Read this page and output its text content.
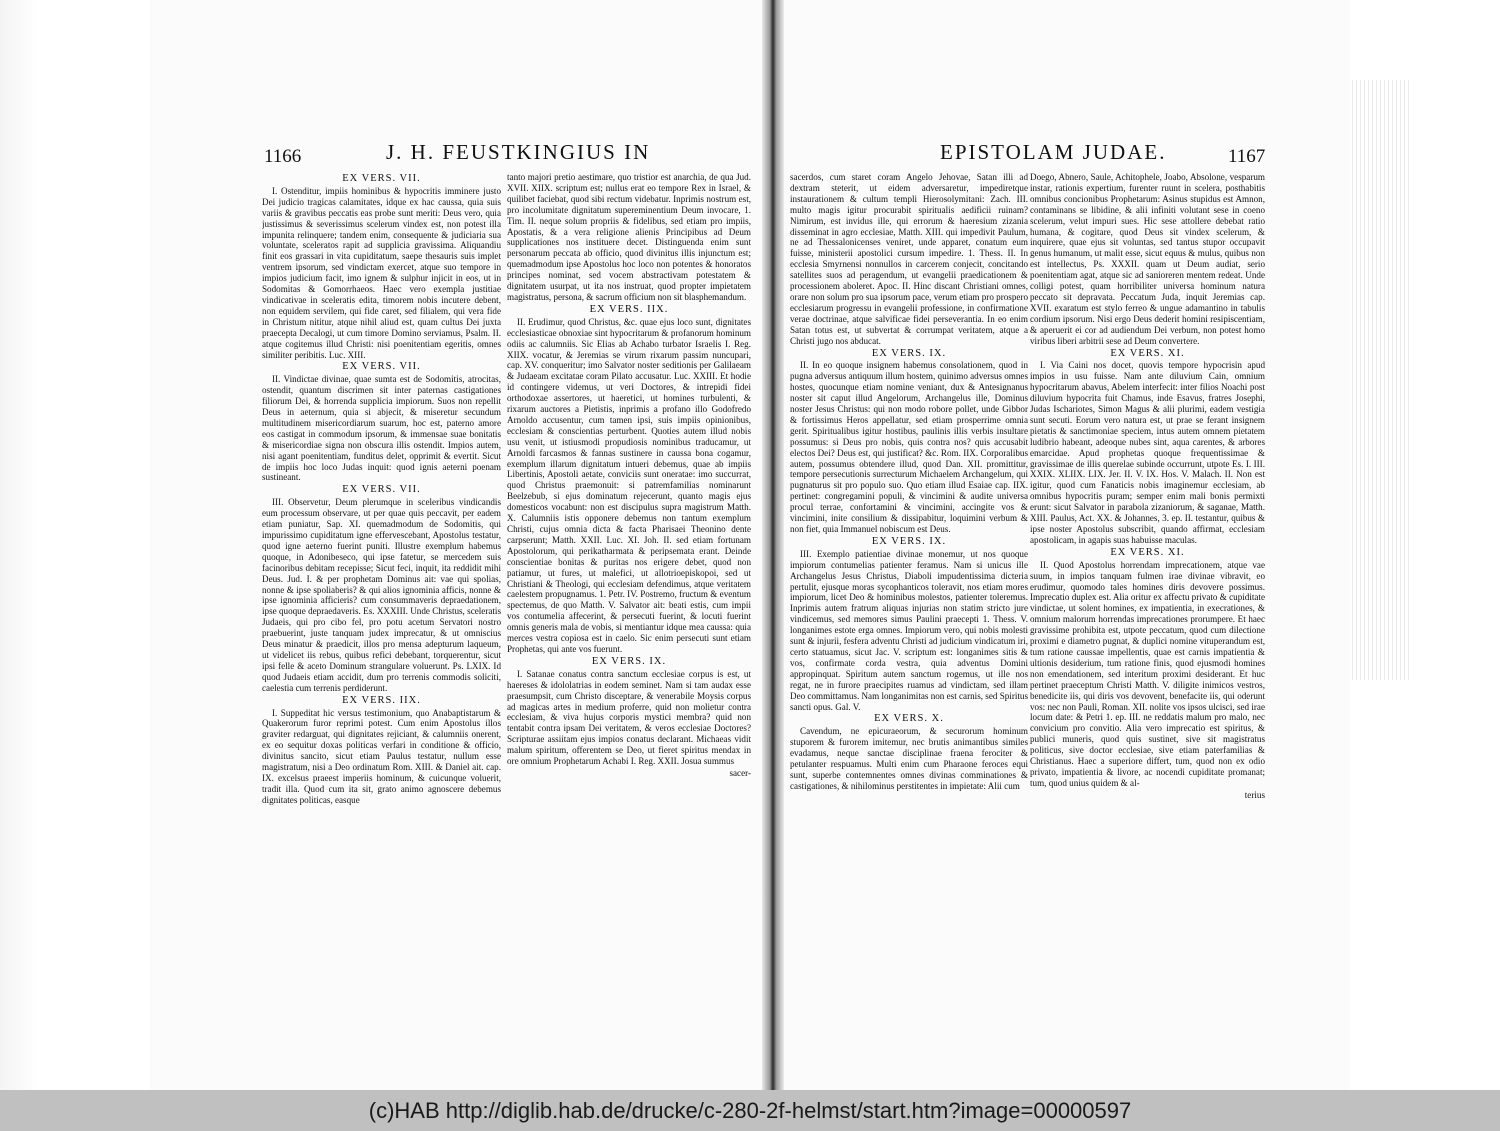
1166	J. H. FEUSTKINGIUS IN	EPISTOLAM JUDAE.	1167
EX VERS. VII.

I. Ostenditur, impiis hominibus & hypocritis imminere justo Dei judicio tragicas calamitates, idque ex hac caussa, quia suis variis & gravibus peccatis eas probe sunt meriti: Deus vero, quia justissimus & severissimus scelerum vindex est, non potest illa impunita relinquere; tandem enim, consequente & judiciaria sua voluntate, sceleratos rapit ad supplicia gravissima. Aliquandiu finit eos grassari in vita cupiditatum, saepe thesauris suis implet ventrem ipsorum, sed vindictam exercet, atque suo tempore in impios judicium facit, imo ignem & sulphur injicit in eos, ut in Sodomitas & Gomorrhaeos. Haec vero exempla justitiae vindicativae in sceleratis edita, timorem nobis incutere debent, non equidem servilem, qui fide caret, sed filialem, qui vera fide in Christum nititur, atque nihil aliud est, quam cultus Dei juxta praecepta Decalogi, ut cum timore Domino serviamus, Psalm. II. atque cogitemus illud Christi: nisi poenitentiam egeritis, omnes similiter peribitis. Luc. XIII.

EX VERS. VII.

II. Vindictae divinae, quae sumta est de Sodomitis, atrocitas, ostendit, quantum discrimen sit inter paternas castigationes filiorum Dei, & horrenda supplicia impiorum. Suos non repellit Deus in aeternum, quia si abjecit, & miseretur secundum multitudinem misericordiarum suarum, hoc est, paterno amore eos castigat in commodum ipsorum, & immensae suae bonitatis & misericordiae signa non obscura illis ostendit. Impios autem, nisi agant poenitentiam, funditus delet, opprimit & evertit. Sicut de impiis hoc loco Judas inquit: quod ignis aeterni poenam sustineant.

EX VERS. VII.

III. Observetur, Deum plerumque in sceleribus vindicandis eum processum observare, ut per quae quis peccavit, per eadem etiam puniatur, Sap. XI. quemadmodum de Sodomitis, qui impurissimo cupiditatum igne effervescebant, Apostolus testatur, quod igne aeterno fuerint puniti. Illustre exemplum habemus quoque, in Adonibeseco, qui ipse fatetur, se mercedem suis facinoribus debitam recepisse; Sicut feci, inquit, ita reddidit mihi Deus. Jud. I. & per prophetam Dominus ait: vae qui spolias, nonne & ipse spoliaberis? & qui alios ignominia afficis, nonne & ipse ignominia afficieris? cum consummaveris depraedationem, ipse quoque depraedaveris. Es. XXXIII. Unde Christus, sceleratis Judaeis, qui pro cibo fel, pro potu acetum Servatori nostro praebuerint, juste tanquam judex imprecatur, & ut omniscius Deus minatur & praedicit, illos pro mensa adepturum laqueum, ut videlicet iis rebus, quibus refici debebant, torquerentur, sicut ipsi felle & aceto Dominum strangulare voluerunt. Ps. LXIX. Id quod Judaeis etiam accidit, dum pro terrenis commodis soliciti, caelestia cum terrenis perdiderunt.

EX VERS. IIX.

I. Suppeditat hic versus testimonium, quo Anabaptistarum & Quakerorum furor reprimi potest. Cum enim Apostolus illos graviter redarguat, qui dignitates rejiciant, & calumniis onerent, ex eo sequitur doxas politicas verfari in conditione & officio, divinitus sancito, sicut etiam Paulus testatur, nullum esse magistratum, nisi a Deo ordinatum Rom. XIII. & Daniel ait. cap. IX. excelsus praeest imperiis hominum, & cuicunque voluerit, tradit illa. Quod cum ita sit, grato animo agnoscere debemus dignitates politicas, easque

tanto majori pretio aestimare, quo tristior est anarchia, de qua Jud. XVII. XIIX. scriptum est; nullus erat eo tempore Rex in Israel, & quilibet faciebat, quod sibi rectum videbatur. Inprimis nostrum est, pro incolumitate dignitatum supereminentium Deum invocare, 1. Tim. II. neque solum propriis & fidelibus, sed etiam pro impiis, Apostatis, & a vera religione alienis Principibus ad Deum supplicationes nos instituere decet. Distinguenda enim sunt personarum peccata ab officio, quod divinitus illis injunctum est; quemadmodum ipse Apostolus hoc loco non potentes & honoratos principes nominat, sed vocem abstractivam potestatem & dignitatem usurpat, ut ita nos instruat, quod propter impietatem magistratus, persona, & sacrum officium non sit blasphemandum.

EX VERS. IIX.

II. Erudimur, quod Christus, &c. quae ejus loco sunt, dignitates ecclesiasticae obnoxiae sint hypocritarum & profanorum hominum odiis ac calumniis. Sic Elias ab Achabo turbator Israelis I. Reg. XIIX. vocatur, & Jeremias se virum rixarum passim nuncupari, cap. XV. conqueritur; imo Salvator noster seditionis per Galilaeam & Judaeam excitatae coram Pilato accusatur. Luc. XXIII. Et hodie id contingere videmus, ut veri Doctores, & intrepidi fidei orthodoxae assertores, ut haeretici, ut homines turbulenti, & rixarum auctores a Pietistis, inprimis a profano illo Godofredo Arnoldo accusentur, cum tamen ipsi, suis impiis opinionibus, ecclesiam & conscientias perturbent. Quoties autem illud nobis usu venit, ut istiusmodi propudiosis nominibus traducamur, ut Arnoldi farcasmos & fannas sustinere in caussa bona cogamur, exemplum illarum dignitatum intueri debemus, quae ab impiis Libertinis, Apostoli aetate, conviciis sunt oneratae: imo succurrat, quod Christus praemonuit: si patremfamilias nominarunt Beelzebub, si ejus dominatum rejecerunt, quanto magis ejus domesticos vocabunt: non est discipulus supra magistrum Matth. X. Calumniis istis opponere debemus non tantum exemplum Christi, cujus omnia dicta & facta Pharisaei Theonino dente carpserunt; Matth. XXII. Luc. XI. Joh. II. sed etiam fortunam Apostolorum, qui perikatharmata & peripsemata erant. Deinde conscientiae bonitas & puritas nos erigere debet, quod non patiamur, ut fures, ut malefici, ut allotrioepiskopoi, sed ut Christiani & Theologi, qui ecclesiam defendimus, atque veritatem caelestem propugnamus. 1. Petr. IV. Postremo, fructum & eventum spectemus, de quo Matth. V. Salvator ait: beati estis, cum impii vos contumelia affecerint, & persecuti fuerint, & locuti fuerint omnis generis mala de vobis, si mentiantur idque mea caussa: quia merces vestra copiosa est in caelo. Sic enim persecuti sunt etiam Prophetas, qui ante vos fuerunt.

EX VERS. IX.

I. Satanae conatus contra sanctum ecclesiae corpus is est, ut haereses & idololatrias in eodem seminet. Nam si tam audax esse praesumpsit, cum Christo disceptare, & venerabile Moysis corpus ad magicas artes in medium proferre, quid non molietur contra ecclesiam, & viva hujus corporis mystici membra? quid non tentabit contra ipsam Dei veritatem, & veros ecclesiae Doctores? Scripturae assiitam ejus impios conatus declarant. Michaeas vidit malum spiritum, offerentem se Deo, ut fieret spiritus mendax in ore omnium Prophetarum Achabi I. Reg. XXII. Josua summus

sacer-

sacerdos, cum staret coram Angelo Jehovae, Satan illi ad dextram steterit, ut eidem adversaretur, impediretque instaurationem & cultum templi Hierosolymitani: Zach. III. multo magis igitur procurabit spiritualis aedificii ruinam? Nimirum, est invidus ille, qui errorum & haeresium zizania disseminat in agro ecclesiae, Matth. XIII. qui impedivit Paulum, ne ad Thessalonicenses veniret, unde apparet, conatum eum fuisse, ministerii apostolici cursum impedire. 1. Thess. II. In ecclesia Smyrnensi nonnullos in carcerem conjecit, concitando satellites suos ad peragendum, ut evangelii praedicationem & processionem aboleret. Apoc. II. Hinc discant Christiani omnes, orare non solum pro sua ipsorum pace, verum etiam pro prospero ecclesiarum progressu in evangelii professione, in confirmatione verae doctrinae, atque salvificae fidei perseverantia. In eo enim Satan totus est, ut subvertat & corrumpat veritatem, atque a Christi jugo nos abducat.

EX VERS. IX.

II. In eo quoque insignem habemus consolationem, quod in pugna adversus antiquum illum hostem, quinimo adversus omnes hostes, quocunque etiam nomine veniant, dux & Antesignanus noster sit caput illud Angelorum, Archangelus ille, Dominus noster Jesus Christus: qui non modo robore pollet, unde Gibbor & fortissimus Heros appellatur, sed etiam prosperrime omnia gerit. Spiritualibus igitur hostibus, paulinis illis verbis insultare possumus: si Deus pro nobis, quis contra nos? quis accusabit electos Dei? Deus est, qui justificat? &c. Rom. IIX. Corporalibus autem, possumus obtendere illud, quod Dan. XII. promittitur, tempore persecutionis surrecturum Michaelem Archangelum, qui pugnaturus sit pro populo suo. Quo etiam illud Esaiae cap. IIX. pertinet: congregamini populi, & vincimini & audite universa procul terrae, confortamini & vincimini, accingite vos & vincimini, inite consilium & dissipabitur, loquimini verbum & non fiet, quia Immanuel nobiscum est Deus.

EX VERS. IX.

III. Exemplo patientiae divinae monemur, ut nos quoque impiorum contumelias patienter feramus. Nam si unicus ille Archangelus Jesus Christus, Diaboli impudentissima dicteria pertulit, ejusque moras sycophanticos toleravit, nos etiam mores impiorum, licet Deo & hominibus molestos, patienter toleremus. Inprimis autem fratrum aliquas injurias non statim stricto jure vindicemus, sed memores simus Paulini praecepti 1. Thess. V. longanimes estote erga omnes. Impiorum vero, qui nobis molesti sunt & injurii, fesfera adventu Christi ad judicium vindicatum iri, certo statuamus, sicut Jac. V. scriptum est: longanimes sitis & vos, confirmate corda vestra, quia adventus Domini appropinquat. Spiritum autem sanctum rogemus, ut ille nos regat, ne in furore praecipites ruamus ad vindictam, sed illam Deo committamus. Nam longanimitas non est carnis, sed Spiritus sancti opus. Gal. V.

EX VERS. X.

Cavendum, ne epicuraeorum, & securorum hominum stuporem & furorem imitemur, nec brutis animantibus similes evadamus, neque sanctae disciplinae fraena ferociter & petulanter respuamus. Multi enim cum Pharaone feroces equi sunt, superbe contemnentes omnes divinas comminationes & castigationes, & nihilominus perstitentes in impietate: Alii cum

Doego, Abnero, Saule, Achitophele, Joabo, Absolone, vesparum instar, rationis expertium, furenter ruunt in scelera, posthabitis omnibus concionibus Prophetarum: Asinus stupidus est Amnon, contaminans se libidine, & alii infiniti volutant sese in coeno scelerum, velut impuri sues. Hic sese attollere debebat ratio humana, & cogitare, quod Deus sit vindex scelerum, & inquirere, quae ejus sit voluntas, sed tantus stupor occupavit genus humanum, ut malit esse, sicut equus & mulus, quibus non est intellectus, Ps. XXXII. quam ut Deum audiat, serio poenitentiam agat, atque sic ad sanioreren mentem redeat. Unde colligi potest, quam horribiliter universa hominum natura peccato sit depravata. Peccatum Juda, inquit Jeremias cap. XVII. exaratum est stylo ferreo & ungue adamantino in tabulis cordium ipsorum. Nisi ergo Deus dederit homini resipiscentiam, & aperuerit ei cor ad audiendum Dei verbum, non potest homo viribus liberi arbitrii sese ad Deum convertere.

EX VERS. XI.

I. Via Caini nos docet, quovis tempore hypocrisin apud impios in usu fuisse. Nam ante diluvium Cain, omnium hypocritarum abavus, Abelem interfecit: inter filios Noachi post diluvium hypocrita fuit Chamus, inde Esavus, fratres Josephi, Judas Ischariotes, Simon Magus & alii plurimi, eadem vestigia sunt secuti. Eorum vero natura est, ut prae se ferant insignem pietatis & sanctimoniae speciem, intus autem omnem pietatem ludibrio habeant, adeoque nubes sint, aqua carentes, & arbores emarcidae. Apud prophetas quoque frequentissimae & gravissimae de illis querelae subinde occurrunt, utpote Es. I. III. XXIX. XLIIX. LIX. Jer. II. V. IX. Hos. V. Malach. II. Non est igitur, quod cum Fanaticis nobis imaginemur ecclesiam, ab omnibus hypocritis puram; semper enim mali bonis permixti erunt: sicut Salvator in parabola zizaniorum, & saganae, Matth. XIII. Paulus, Act. XX. & Johannes, 3. ep. II. testantur, quibus & ipse noster Apostolus subscribit, quando affirmat, ecclesiam apostolicam, in agapis suas habuisse maculas.

EX VERS. XI.

II. Quod Apostolus horrendam imprecationem, atque vae suum, in impios tanquam fulmen irae divinae vibravit, eo erudimur, quomodo tales homines diris devovere possimus. Imprecatio duplex est. Alia oritur ex affectu privato & cupiditate vindictae, ut solent homines, ex impatientia, in execrationes, & omnium malorum horrendas imprecationes prorumpere. Et haec gravissime prohibita est, utpote peccatum, quod cum dilectione proximi e diametro pugnat, & duplici nomine vituperandum est, tum ratione caussae impellentis, quae est carnis impatientia & ultionis desiderium, tum ratione finis, quod ejusmodi homines non emendationem, sed interitum proximi desiderant. Et huc pertinet praeceptum Christi Matth. V. diligite inimicos vestros, benedicite iis, qui diris vos devovent, benefacite iis, qui oderunt vos: nec non Pauli, Roman. XII. nolite vos ipsos ulcisci, sed irae locum date: & Petri 1. ep. III. ne reddatis malum pro malo, nec convicium pro convitio. Alia vero imprecatio est spiritus, & publici muneris, quod quis sustinet, sive sit magistratus politicus, sive doctor ecclesiae, sive etiam paterfamilias & Christianus. Haec a superiore differt, tum, quod non ex odio privato, impatientia & livore, ac nocendi cupiditate promanat; tum, quod unius quidem & al-

terius
(c)HAB http://diglib.hab.de/drucke/c-280-2f-helmst/start.htm?image=00000597
